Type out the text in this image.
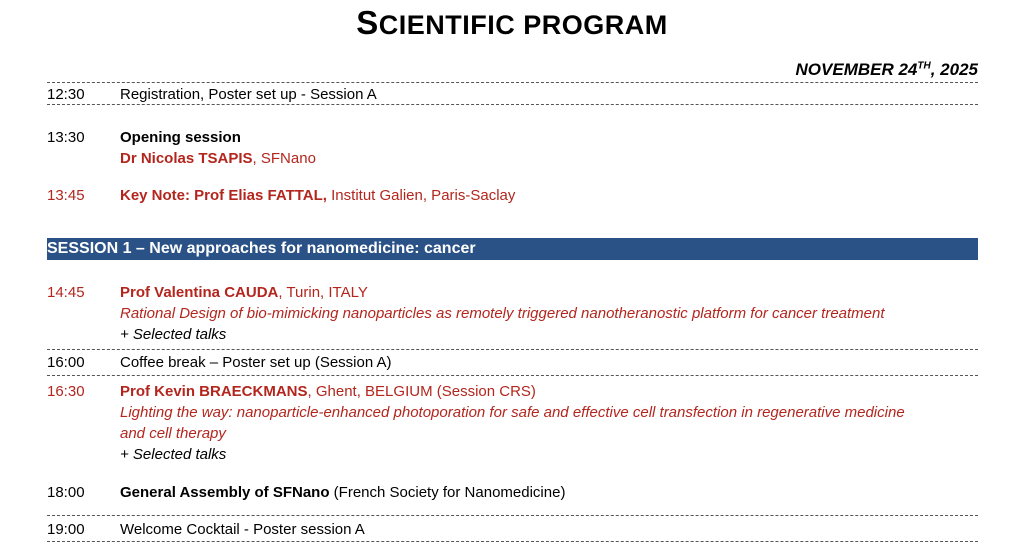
SCIENTIFIC PROGRAM
NOVEMBER 24TH, 2025
12:30	Registration, Poster set up - Session A
13:30	Opening session
Dr Nicolas TSAPIS, SFNano
13:45	Key Note: Prof Elias FATTAL, Institut Galien, Paris-Saclay
SESSION 1 – New approaches for nanomedicine: cancer
14:45	Prof Valentina CAUDA, Turin, ITALY
Rational Design of bio-mimicking nanoparticles as remotely triggered nanotheranostic platform for cancer treatment
+ Selected talks
16:00	Coffee break – Poster set up (Session A)
16:30	Prof Kevin BRAECKMANS, Ghent, BELGIUM (Session CRS)
Lighting the way: nanoparticle-enhanced photoporation for safe and effective cell transfection in regenerative medicine
and cell therapy
+ Selected talks
18:00	General Assembly of SFNano (French Society for Nanomedicine)
19:00	Welcome Cocktail - Poster session A
